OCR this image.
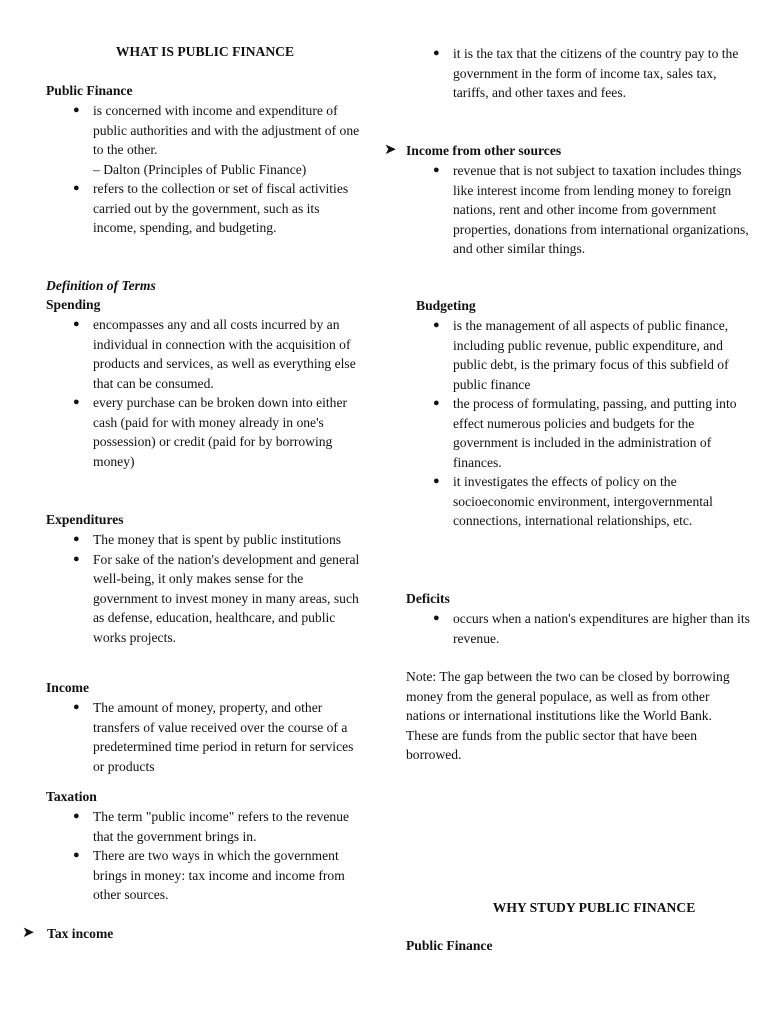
WHAT IS PUBLIC FINANCE
Public Finance
● is concerned with income and expenditure of public authorities and with the adjustment of one to the other.
– Dalton (Principles of Public Finance)
● refers to the collection or set of fiscal activities carried out by the government, such as its income, spending, and budgeting.
Definition of Terms
Spending
● encompasses any and all costs incurred by an individual in connection with the acquisition of products and services, as well as everything else that can be consumed.
● every purchase can be broken down into either cash (paid for with money already in one's possession) or credit (paid for by borrowing money)
Expenditures
● The money that is spent by public institutions
● For sake of the nation's development and general well-being, it only makes sense for the government to invest money in many areas, such as defense, education, healthcare, and public works projects.
Income
● The amount of money, property, and other transfers of value received over the course of a predetermined time period in return for services or products
Taxation
● The term "public income" refers to the revenue that the government brings in.
● There are two ways in which the government brings in money: tax income and income from other sources.
➤ Tax income
● it is the tax that the citizens of the country pay to the government in the form of income tax, sales tax, tariffs, and other taxes and fees.
➤ Income from other sources
● revenue that is not subject to taxation includes things like interest income from lending money to foreign nations, rent and other income from government properties, donations from international organizations, and other similar things.
Budgeting
● is the management of all aspects of public finance, including public revenue, public expenditure, and public debt, is the primary focus of this subfield of public finance
● the process of formulating, passing, and putting into effect numerous policies and budgets for the government is included in the administration of finances.
● it investigates the effects of policy on the socioeconomic environment, intergovernmental connections, international relationships, etc.
Deficits
● occurs when a nation's expenditures are higher than its revenue.

Note: The gap between the two can be closed by borrowing money from the general populace, as well as from other nations or international institutions like the World Bank. These are funds from the public sector that have been borrowed.

WHY STUDY PUBLIC FINANCE
Public Finance
